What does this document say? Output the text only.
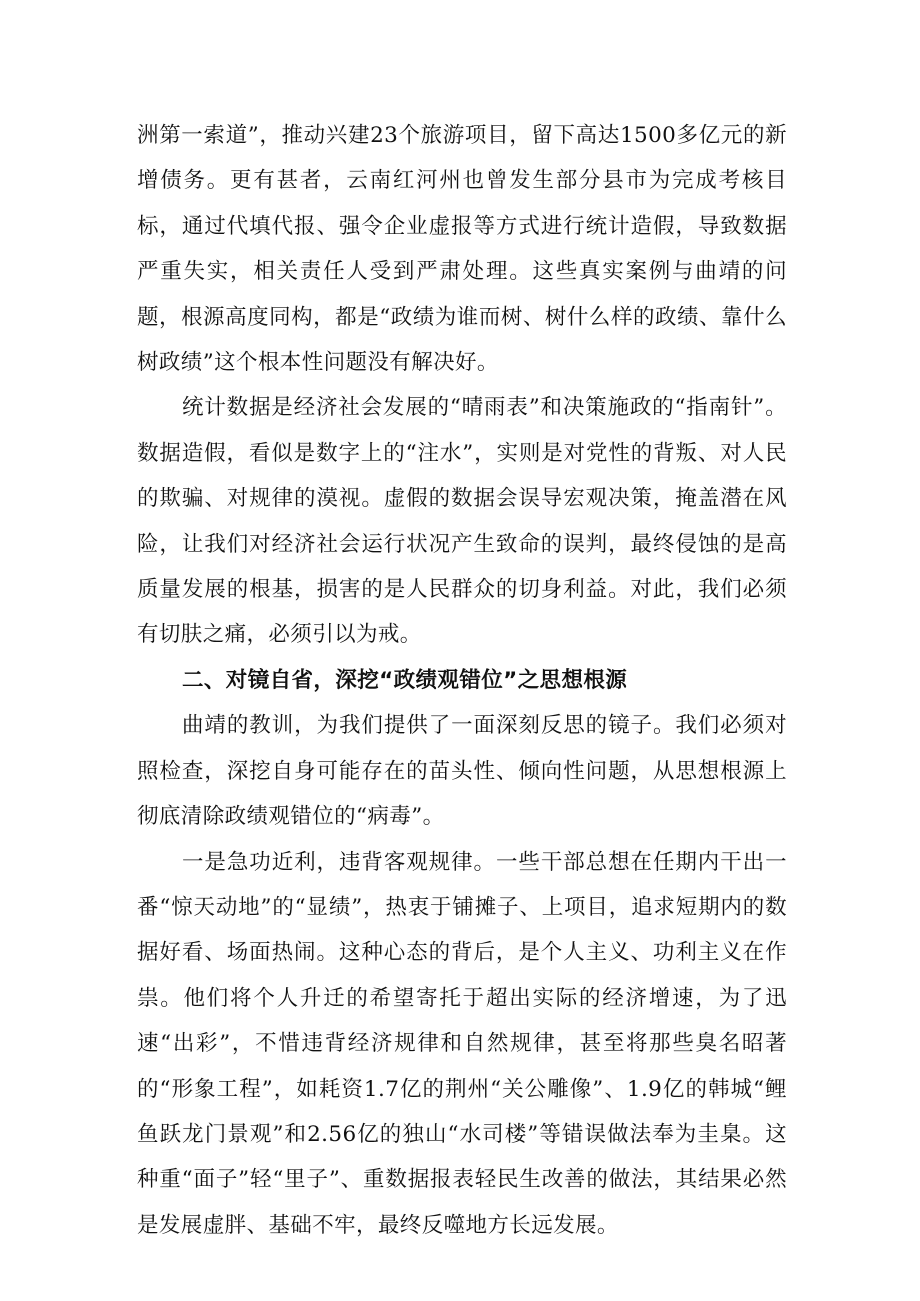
洲第一索道”，推动兴建23个旅游项目，留下高达1500多亿元的新增债务。更有甚者，云南红河州也曾发生部分县市为完成考核目标，通过代填代报、强令企业虚报等方式进行统计造假，导致数据严重失实，相关责任人受到严肃处理。这些真实案例与曲靖的问题，根源高度同构，都是“政绩为谁而树、树什么样的政绩、靠什么树政绩”这个根本性问题没有解决好。

统计数据是经济社会发展的“晴雨表”和决策施政的“指南针”。数据造假，看似是数字上的“注水”，实则是对党性的背叛、对人民的欺骗、对规律的漠视。虚假的数据会误导宏观决策，掩盖潜在风险，让我们对经济社会运行状况产生致命的误判，最终侵蚀的是高质量发展的根基，损害的是人民群众的切身利益。对此，我们必须有切肤之痛，必须引以为戒。

二、对镜自省，深挖“政绩观错位”之思想根源

曲靖的教训，为我们提供了一面深刻反思的镜子。我们必须对照检查，深挖自身可能存在的苗头性、倾向性问题，从思想根源上彻底清除政绩观错位的“病毒”。

一是急功近利，违背客观规律。一些干部总想在任期内干出一番“惊天动地”的“显绩”，热衷于铺摊子、上项目，追求短期内的数据好看、场面热闹。这种心态的背后，是个人主义、功利主义在作祟。他们将个人升迁的希望寄托于超出实际的经济增速，为了迅速“出彩”，不惜违背经济规律和自然规律，甚至将那些臭名昭著的“形象工程”，如耗资1.7亿的荆州“关公雕像”、1.9亿的韩城“鲤鱼跃龙门景观”和2.56亿的独山“水司楼”等错误做法奉为圭臬。这种重“面子”轻“里子”、重数据报表轻民生改善的做法，其结果必然是发展虚胖、基础不牢，最终反噬地方长远发展。
